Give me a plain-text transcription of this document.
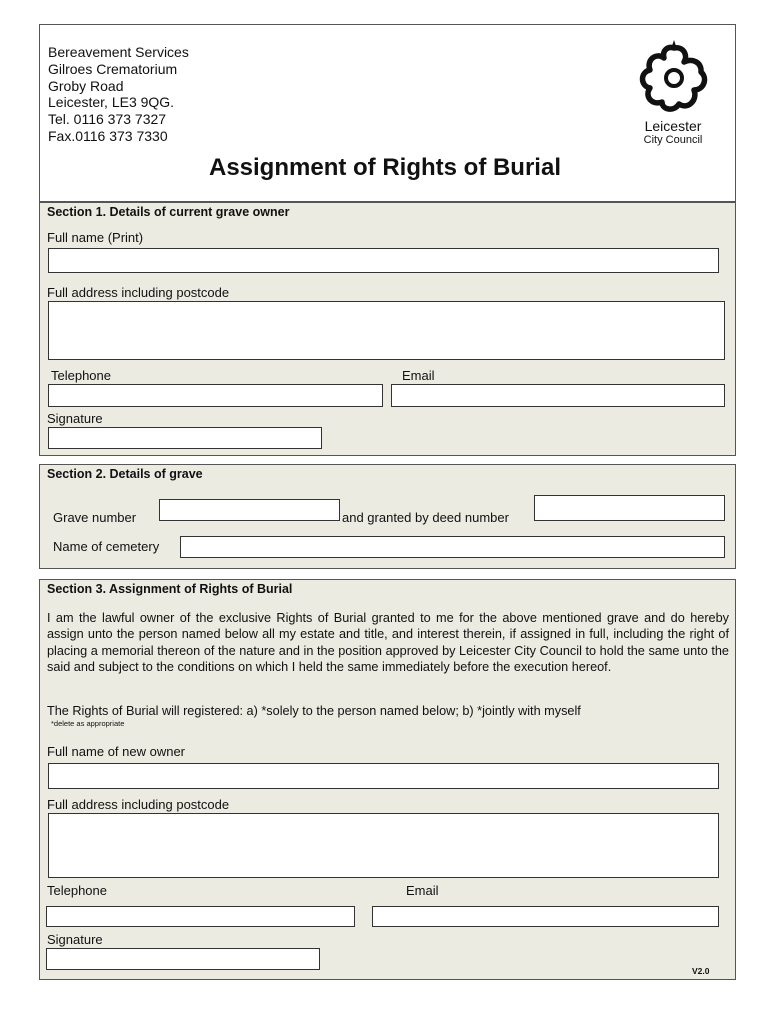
Bereavement Services
Gilroes Crematorium
Groby Road
Leicester, LE3 9QG.
Tel. 0116 373 7327
Fax.0116 373 7330
Leicester
City Council
Assignment of Rights of Burial
Section 1. Details of current grave owner
Full name (Print)
Full address including postcode
Telephone	Email
Signature
Section 2. Details of grave
Grave number	and granted by deed number
Name of cemetery
Section 3. Assignment of Rights of Burial
I am the lawful owner of the exclusive Rights of Burial granted to me for the above mentioned grave and do hereby assign unto the person named below all my estate and title, and interest therein, if assigned in full, including the right of placing a memorial thereon of the nature and in the position approved by Leicester City Council to hold the same unto the said and subject to the conditions on which I held the same immediately before the execution hereof.
The Rights of Burial will registered: a) *solely to the person named below; b) *jointly with myself
*delete as appropriate
Full name of new owner
Full address including postcode
Telephone	Email
Signature
V2.0
